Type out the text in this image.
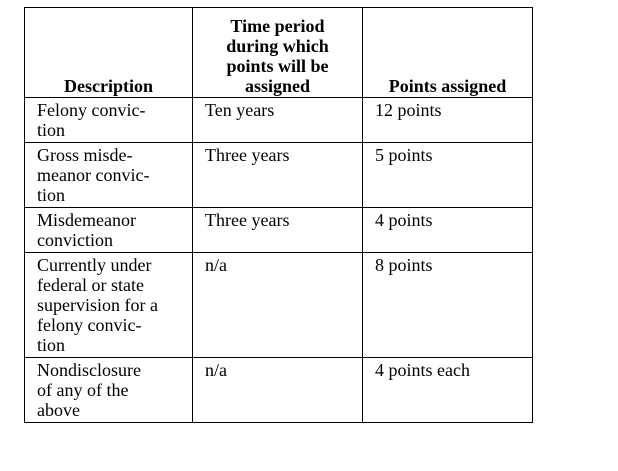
Description	Time period
during which
points will be
assigned	Points assigned
Felony convic-
tion	Ten years	12 points
Gross misde-
meanor convic-
tion	Three years	5 points
Misdemeanor
conviction	Three years	4 points
Currently under
federal or state
supervision for a
felony convic-
tion	n/a	8 points
Nondisclosure
of any of the
above	n/a	4 points each
